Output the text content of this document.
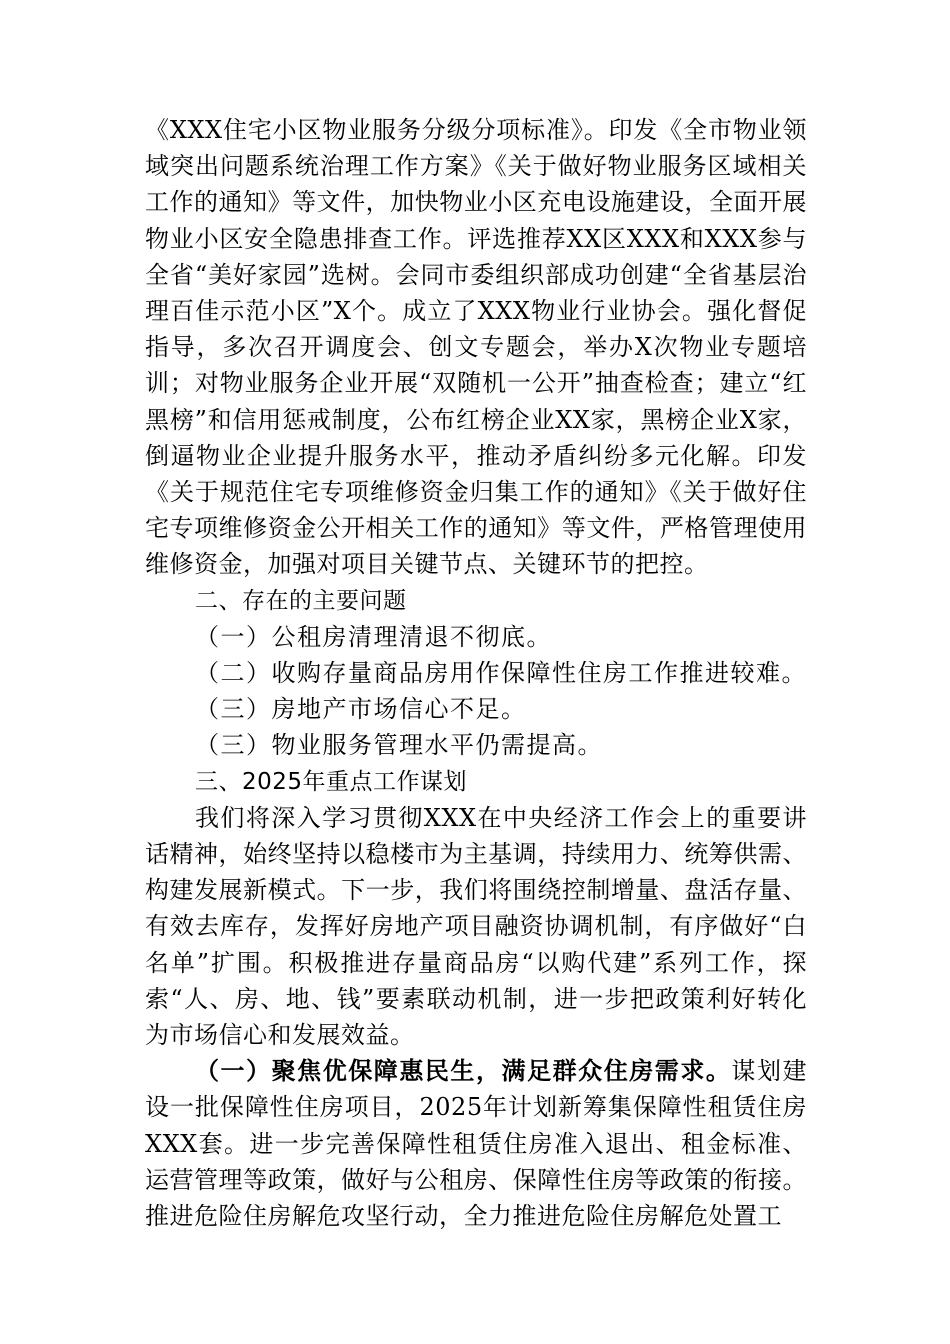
《XXX住宅小区物业服务分级分项标准》。印发《全市物业领域突出问题系统治理工作方案》《关于做好物业服务区域相关工作的通知》等文件，加快物业小区充电设施建设，全面开展物业小区安全隐患排查工作。评选推荐XX区XXX和XXX参与全省“美好家园”选树。会同市委组织部成功创建“全省基层治理百佳示范小区”X个。成立了XXX物业行业协会。强化督促指导，多次召开调度会、创文专题会，举办X次物业专题培训；对物业服务企业开展“双随机一公开”抽查检查；建立“红黑榜”和信用惩戒制度，公布红榜企业XX家，黑榜企业X家，倒逼物业企业提升服务水平，推动矛盾纠纷多元化解。印发《关于规范住宅专项维修资金归集工作的通知》《关于做好住宅专项维修资金公开相关工作的通知》等文件，严格管理使用维修资金，加强对项目关键节点、关键环节的把控。

二、存在的主要问题

（一）公租房清理清退不彻底。

（二）收购存量商品房用作保障性住房工作推进较难。

（三）房地产市场信心不足。

（三）物业服务管理水平仍需提高。

三、2025年重点工作谋划

我们将深入学习贯彻XXX在中央经济工作会上的重要讲话精神，始终坚持以稳楼市为主基调，持续用力、统筹供需、构建发展新模式。下一步，我们将围绕控制增量、盘活存量、有效去库存，发挥好房地产项目融资协调机制，有序做好“白名单”扩围。积极推进存量商品房“以购代建”系列工作，探索“人、房、地、钱”要素联动机制，进一步把政策利好转化为市场信心和发展效益。

（一）聚焦优保障惠民生，满足群众住房需求。谋划建设一批保障性住房项目，2025年计划新筹集保障性租赁住房XXX套。进一步完善保障性租赁住房准入退出、租金标准、运营管理等政策，做好与公租房、保障性住房等政策的衔接。推进危险住房解危攻坚行动，全力推进危险住房解危处置工
